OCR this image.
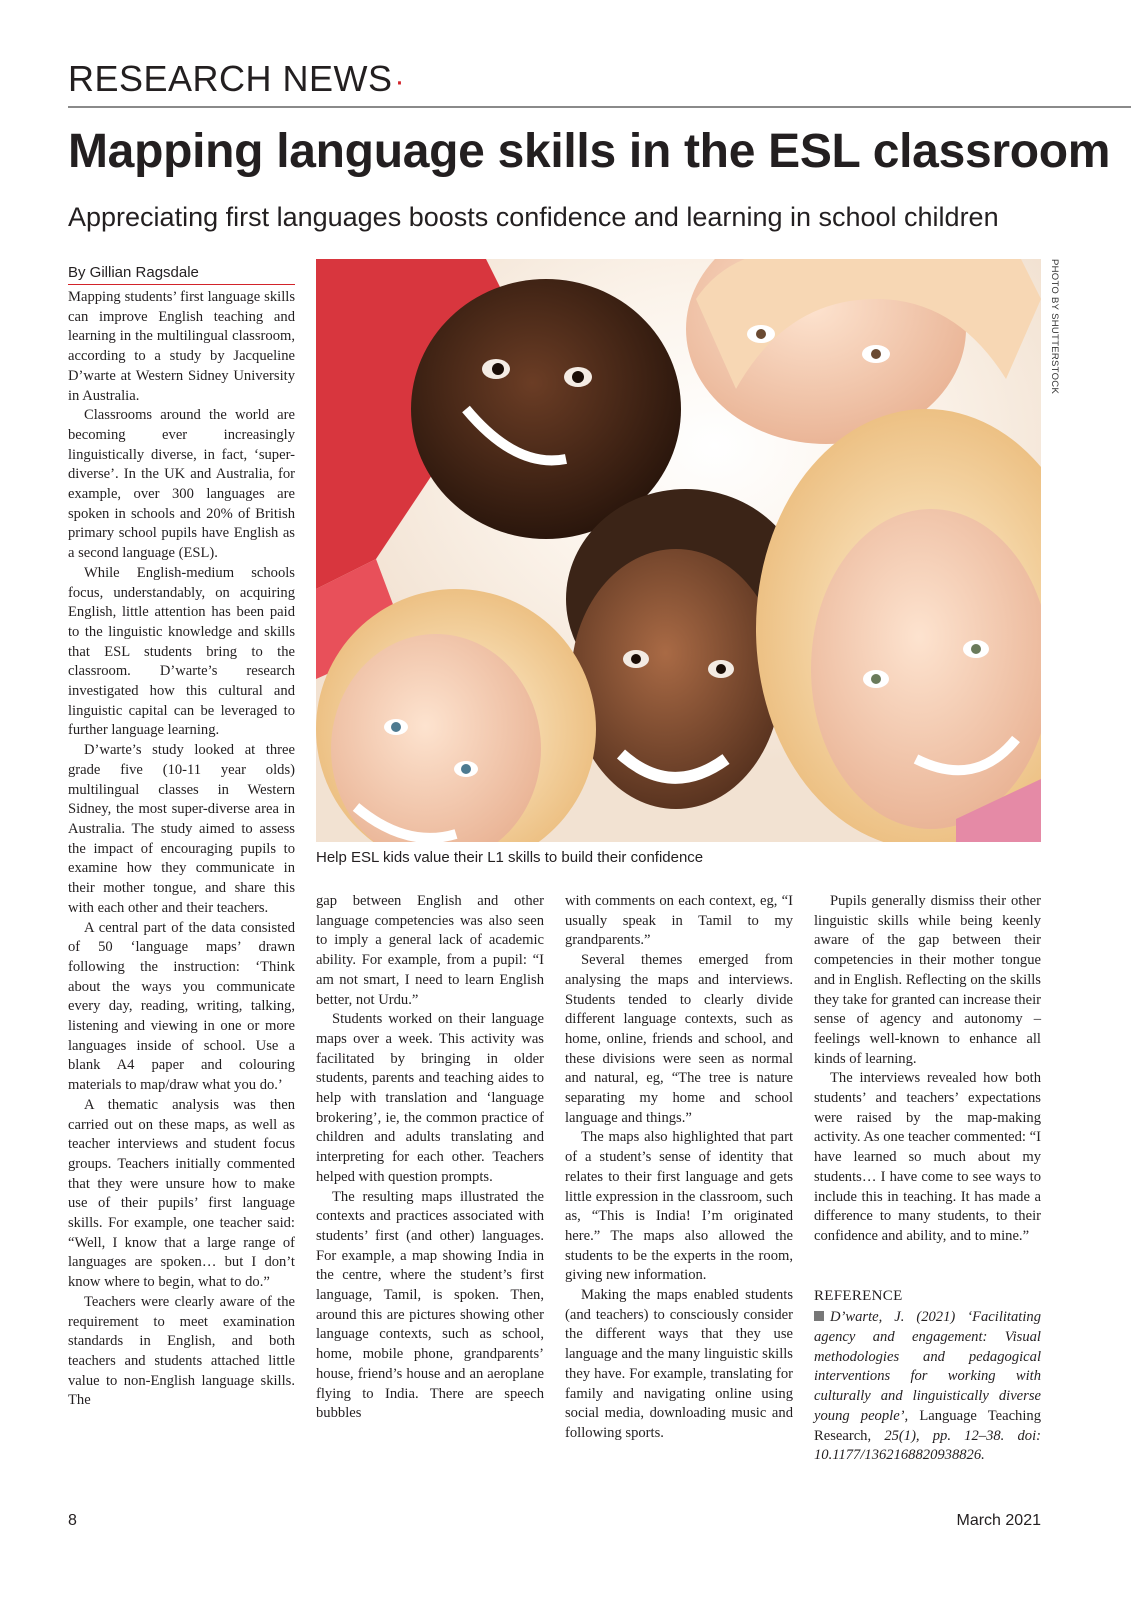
RESEARCH NEWS·
Mapping language skills in the ESL classroom
Appreciating first languages boosts confidence and learning in school children
By Gillian Ragsdale

Mapping students’ first language skills can improve English teaching and learning in the multilingual classroom, according to a study by Jacqueline D’warte at Western Sidney University in Australia.

Classrooms around the world are becoming ever increasingly linguistically diverse, in fact, ‘super-diverse’. In the UK and Australia, for example, over 300 languages are spoken in schools and 20% of British primary school pupils have English as a second language (ESL).

While English-medium schools focus, understandably, on acquiring English, little attention has been paid to the linguistic knowledge and skills that ESL students bring to the classroom. D’warte’s research investigated how this cultural and linguistic capital can be leveraged to further language learning.

D’warte’s study looked at three grade five (10-11 year olds) multilingual classes in Western Sidney, the most super-diverse area in Australia. The study aimed to assess the impact of encouraging pupils to examine how they communicate in their mother tongue, and share this with each other and their teachers.

A central part of the data consisted of 50 ‘language maps’ drawn following the instruction: ‘Think about the ways you communicate every day, reading, writing, talking, listening and viewing in one or more languages inside of school. Use a blank A4 paper and colouring materials to map/draw what you do.’

A thematic analysis was then carried out on these maps, as well as teacher interviews and student focus groups. Teachers initially commented that they were unsure how to make use of their pupils’ first language skills. For example, one teacher said: “Well, I know that a large range of languages are spoken… but I don’t know where to begin, what to do.”

Teachers were clearly aware of the requirement to meet examination standards in English, and both teachers and students attached little value to non-English language skills. The

PHOTO BY SHUTTERSTOCK
Help ESL kids value their L1 skills to build their confidence

gap between English and other language competencies was also seen to imply a general lack of academic ability. For example, from a pupil: “I am not smart, I need to learn English better, not Urdu.”

Students worked on their language maps over a week. This activity was facilitated by bringing in older students, parents and teaching aides to help with translation and ‘language brokering’, ie, the common practice of children and adults translating and interpreting for each other. Teachers helped with question prompts.

The resulting maps illustrated the contexts and practices associated with students’ first (and other) languages. For example, a map showing India in the centre, where the student’s first language, Tamil, is spoken. Then, around this are pictures showing other language contexts, such as school, home, mobile phone, grandparents’ house, friend’s house and an aeroplane flying to India. There are speech bubbles

with comments on each context, eg, “I usually speak in Tamil to my grandparents.”

Several themes emerged from analysing the maps and interviews. Students tended to clearly divide different language contexts, such as home, online, friends and school, and these divisions were seen as normal and natural, eg, “The tree is nature separating my home and school language and things.”

The maps also highlighted that part of a student’s sense of identity that relates to their first language and gets little expression in the classroom, such as, “This is India! I’m originated here.” The maps also allowed the students to be the experts in the room, giving new information.

Making the maps enabled students (and teachers) to consciously consider the different ways that they use language and the many linguistic skills they have. For example, translating for family and navigating online using social media, downloading music and following sports.

Pupils generally dismiss their other linguistic skills while being keenly aware of the gap between their competencies in their mother tongue and in English. Reflecting on the skills they take for granted can increase their sense of agency and autonomy – feelings well-known to enhance all kinds of learning.

The interviews revealed how both students’ and teachers’ expectations were raised by the map-making activity. As one teacher commented: “I have learned so much about my students… I have come to see ways to include this in teaching. It has made a difference to many students, to their confidence and ability, and to mine.”

REFERENCE
D’warte, J. (2021) ‘Facilitating agency and engagement: Visual methodologies and pedagogical interventions for working with culturally and linguistically diverse young people’, Language Teaching Research, 25(1), pp. 12–38. doi: 10.1177/1362168820938826.
8	March 2021
